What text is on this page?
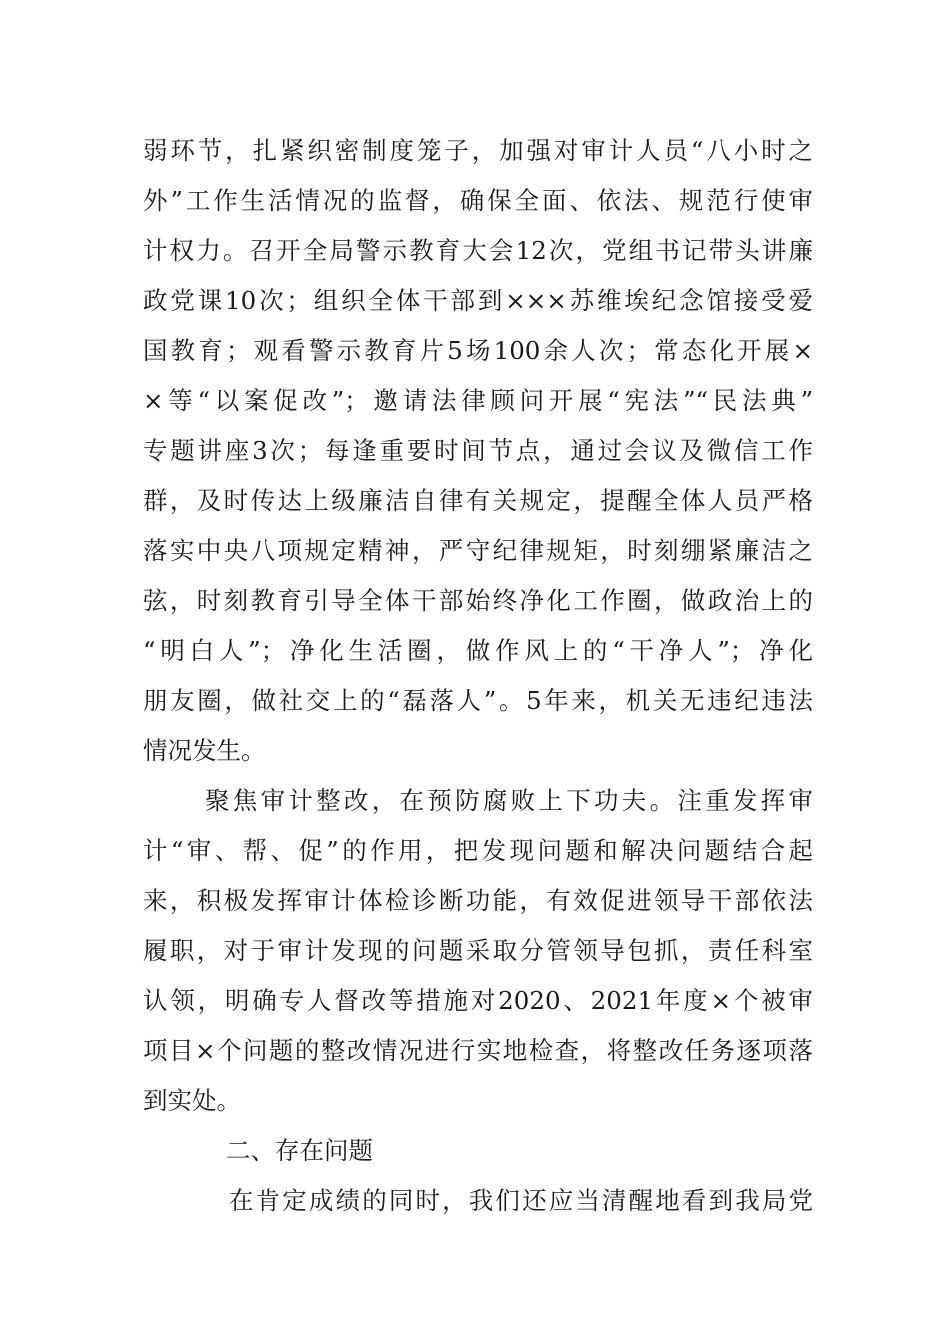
弱环节，扎紧织密制度笼子，加强对审计人员“八小时之
外”工作生活情况的监督，确保全面、依法、规范行使审
计权力。召开全局警示教育大会12次，党组书记带头讲廉
政党课10次；组织全体干部到×××苏维埃纪念馆接受爱
国教育；观看警示教育片5场100余人次；常态化开展×
×等“以案促改”；邀请法律顾问开展“宪法”“民法典”
专题讲座3次；每逢重要时间节点，通过会议及微信工作
群，及时传达上级廉洁自律有关规定，提醒全体人员严格
落实中央八项规定精神，严守纪律规矩，时刻绷紧廉洁之
弦，时刻教育引导全体干部始终净化工作圈，做政治上的
“明白人”；净化生活圈，做作风上的“干净人”；净化
朋友圈，做社交上的“磊落人”。5年来，机关无违纪违法
情况发生。
聚焦审计整改，在预防腐败上下功夫。注重发挥审
计“审、帮、促”的作用，把发现问题和解决问题结合起
来，积极发挥审计体检诊断功能，有效促进领导干部依法
履职，对于审计发现的问题采取分管领导包抓，责任科室
认领，明确专人督改等措施对2020、2021年度×个被审
项目×个问题的整改情况进行实地检查，将整改任务逐项落
到实处。
二、存在问题
在肯定成绩的同时，我们还应当清醒地看到我局党
